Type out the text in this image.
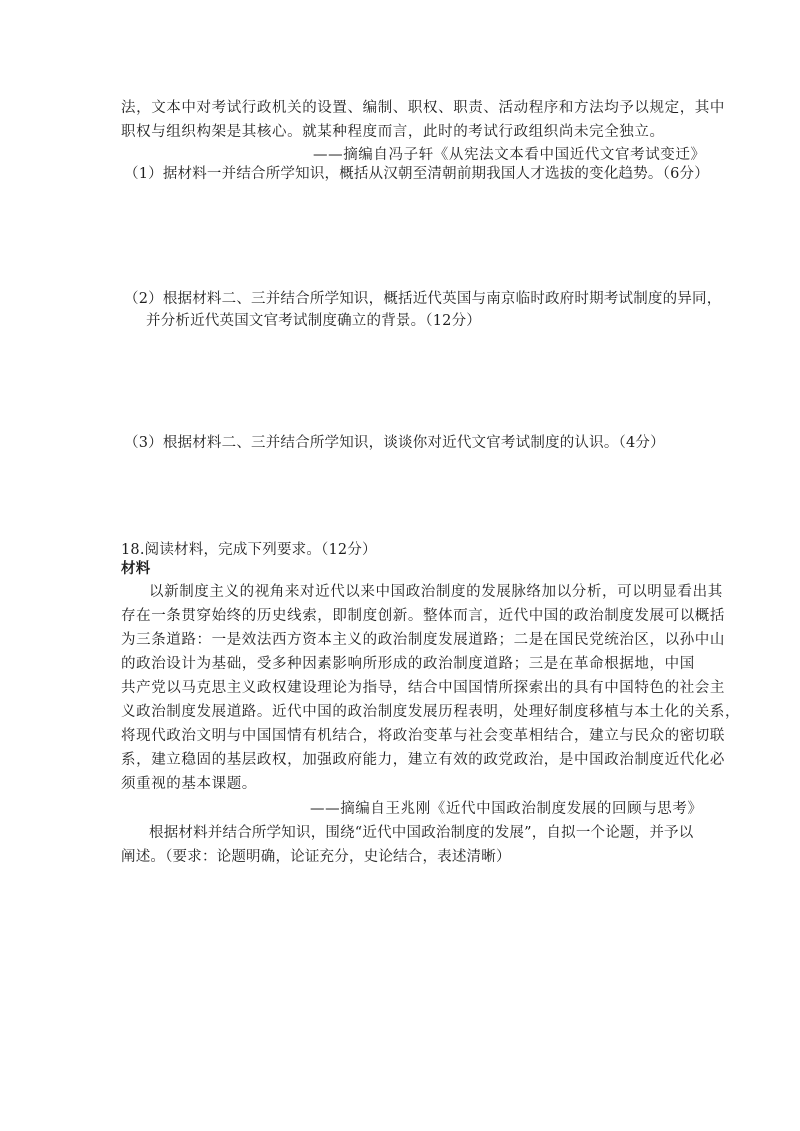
法，文本中对考试行政机关的设置、编制、职权、职责、活动程序和方法均予以规定，其中
职权与组织构架是其核心。就某种程度而言，此时的考试行政组织尚未完全独立。
——摘编自冯子轩《从宪法文本看中国近代文官考试变迁》
（1）据材料一并结合所学知识，概括从汉朝至清朝前期我国人才选拔的变化趋势。（6分）
（2）根据材料二、三并结合所学知识，概括近代英国与南京临时政府时期考试制度的异同，
并分析近代英国文官考试制度确立的背景。（12分）
（3）根据材料二、三并结合所学知识，谈谈你对近代文官考试制度的认识。（4分）
18.阅读材料，完成下列要求。（12分）
材料
以新制度主义的视角来对近代以来中国政治制度的发展脉络加以分析，可以明显看出其
存在一条贯穿始终的历史线索，即制度创新。整体而言，近代中国的政治制度发展可以概括
为三条道路：一是效法西方资本主义的政治制度发展道路；二是在国民党统治区，以孙中山
的政治设计为基础，受多种因素影响所形成的政治制度道路；三是在革命根据地，中国
共产党以马克思主义政权建设理论为指导，结合中国国情所探索出的具有中国特色的社会主
义政治制度发展道路。近代中国的政治制度发展历程表明，处理好制度移植与本土化的关系，
将现代政治文明与中国国情有机结合，将政治变革与社会变革相结合，建立与民众的密切联
系，建立稳固的基层政权，加强政府能力，建立有效的政党政治，是中国政治制度近代化必
须重视的基本课题。
——摘编自王兆刚《近代中国政治制度发展的回顾与思考》
根据材料并结合所学知识，围绕“近代中国政治制度的发展”，自拟一个论题，并予以
阐述。（要求：论题明确，论证充分，史论结合，表述清晰）
